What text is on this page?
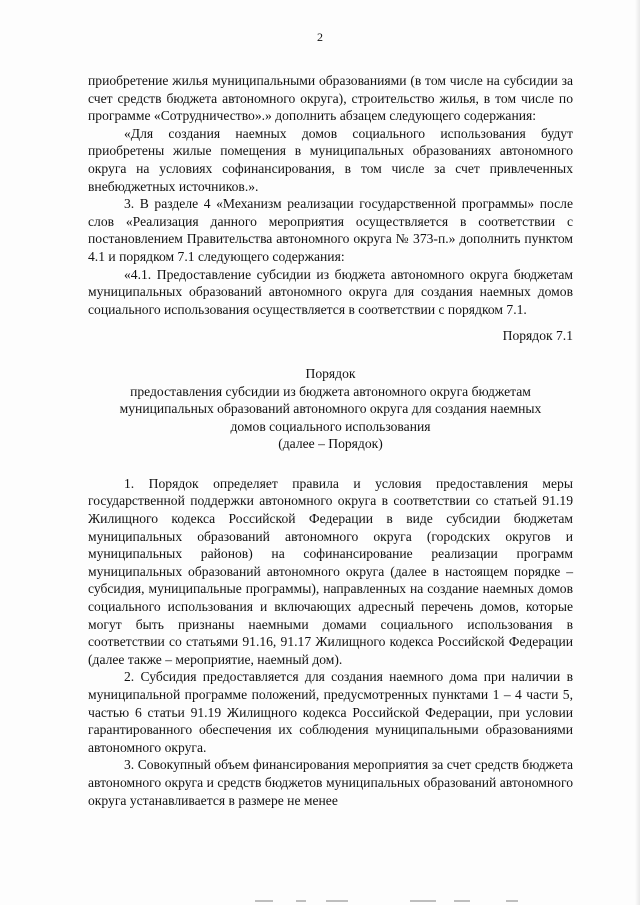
2

приобретение жилья муниципальными образованиями (в том числе на субсидии за счет средств бюджета автономного округа), строительство жилья, в том числе по программе «Сотрудничество».» дополнить абзацем следующего содержания:

«Для создания наемных домов социального использования будут приобретены жилые помещения в муниципальных образованиях автономного округа на условиях софинансирования, в том числе за счет привлеченных внебюджетных источников.».

3. В разделе 4 «Механизм реализации государственной программы» после слов «Реализация данного мероприятия осуществляется в соответствии с постановлением Правительства автономного округа № 373-п.» дополнить пунктом 4.1 и порядком 7.1 следующего содержания:

«4.1. Предоставление субсидии из бюджета автономного округа бюджетам муниципальных образований автономного округа для создания наемных домов социального использования осуществляется в соответствии с порядком 7.1.

Порядок 7.1

Порядок

предоставления субсидии из бюджета автономного округа бюджетам

муниципальных образований автономного округа для создания наемных

домов социального использования

(далее – Порядок)

1. Порядок определяет правила и условия предоставления меры государственной поддержки автономного округа в соответствии со статьей 91.19 Жилищного кодекса Российской Федерации в виде субсидии бюджетам муниципальных образований автономного округа (городских округов и муниципальных районов) на софинансирование реализации программ муниципальных образований автономного округа (далее в настоящем порядке – субсидия, муниципальные программы), направленных на создание наемных домов социального использования и включающих адресный перечень домов, которые могут быть признаны наемными домами социального использования в соответствии со статьями 91.16, 91.17 Жилищного кодекса Российской Федерации (далее также – мероприятие, наемный дом).

2. Субсидия предоставляется для создания наемного дома при наличии в муниципальной программе положений, предусмотренных пунктами 1 – 4 части 5, частью 6 статьи 91.19 Жилищного кодекса Российской Федерации, при условии гарантированного обеспечения их соблюдения муниципальными образованиями автономного округа.

3. Совокупный объем финансирования мероприятия за счет средств бюджета автономного округа и средств бюджетов муниципальных образований автономного округа устанавливается в размере не менее
